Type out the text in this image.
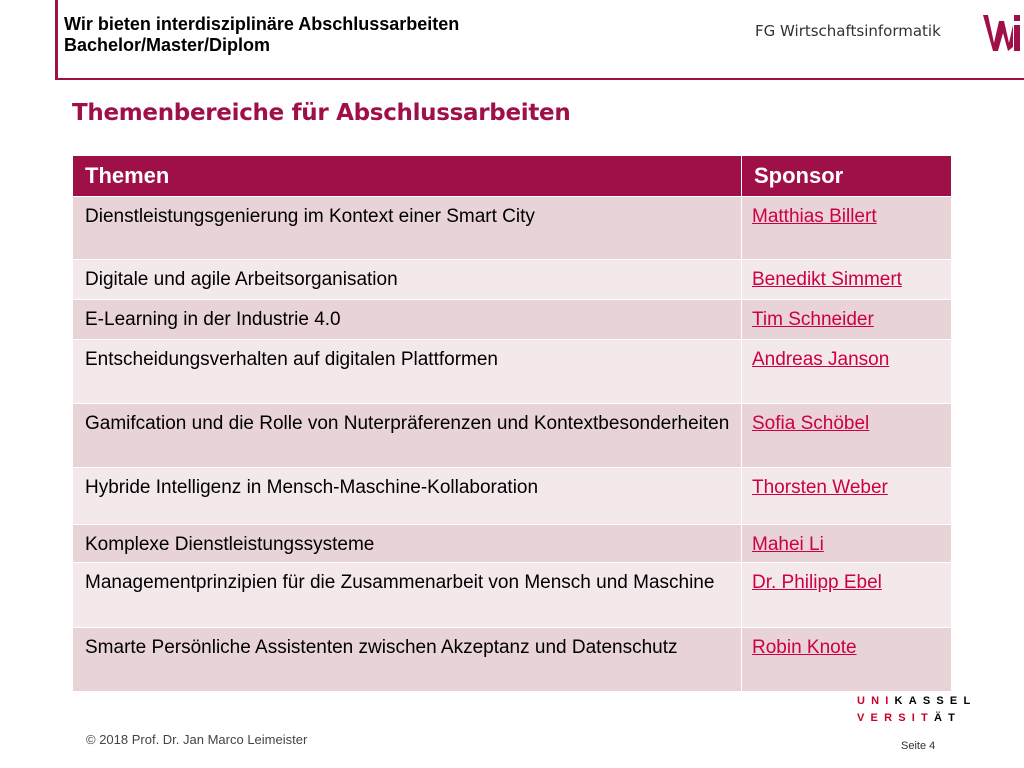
Wir bieten interdisziplinäre Abschlussarbeiten
Bachelor/Master/Diplom
FG Wirtschaftsinformatik
Themenbereiche für Abschlussarbeiten
Themen	Sponsor
Dienstleistungsgenierung im Kontext einer Smart City	Matthias Billert
Digitale und agile Arbeitsorganisation	Benedikt Simmert
E-Learning in der Industrie 4.0	Tim Schneider
Entscheidungsverhalten auf digitalen Plattformen	Andreas Janson
Gamifcation und die Rolle von Nuterpräferenzen und Kontextbesonderheiten	Sofia Schöbel
Hybride Intelligenz in Mensch-Maschine-Kollaboration	Thorsten Weber
Komplexe Dienstleistungssysteme	Mahei Li
Managementprinzipien für die Zusammenarbeit von Mensch und Maschine	Dr. Philipp Ebel
Smarte Persönliche Assistenten zwischen Akzeptanz und Datenschutz	Robin Knote
UNIKASSEL
VERSITÄT
© 2018 Prof. Dr. Jan Marco Leimeister	Seite 4
